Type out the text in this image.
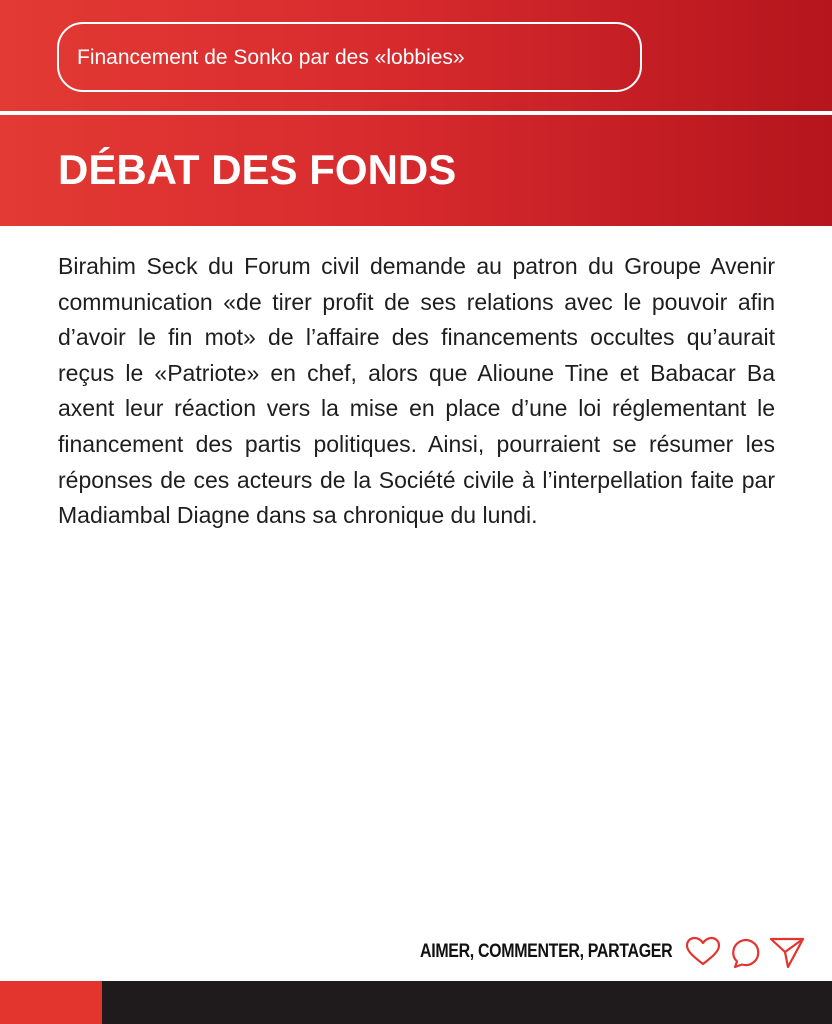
Financement de Sonko par des «lobbies»
DÉBAT DES FONDS

Birahim Seck du Forum civil demande au patron du Groupe Avenir communication «de tirer profit de ses relations avec le pouvoir afin d’avoir le fin mot» de l’affaire des financements occultes qu’aurait reçus le «Patriote» en chef, alors que Alioune Tine et Babacar Ba axent leur réaction vers la mise en place d’une loi réglementant le financement des partis politiques. Ainsi, pourraient se résumer les réponses de ces acteurs de la Société civile à l’interpellation faite par Madiambal Diagne dans sa chronique du lundi.

AIMER, COMMENTER, PARTAGER
